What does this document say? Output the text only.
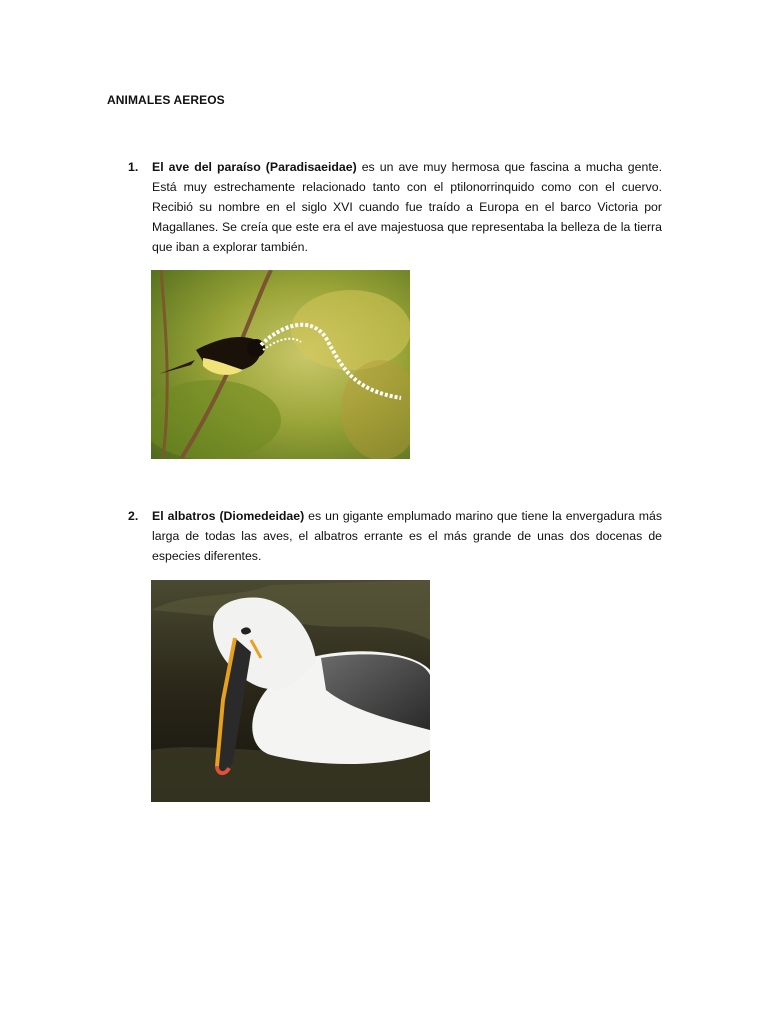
ANIMALES AEREOS
1. El ave del paraíso (Paradisaeidae) es un ave muy hermosa que fascina a mucha gente. Está muy estrechamente relacionado tanto con el ptilonorrinquido como con el cuervo. Recibió su nombre en el siglo XVI cuando fue traído a Europa en el barco Victoria por Magallanes. Se creía que este era el ave majestuosa que representaba la belleza de la tierra que iban a explorar también.
2. El albatros (Diomedeidae) es un gigante emplumado marino que tiene la envergadura más larga de todas las aves, el albatros errante es el más grande de unas dos docenas de especies diferentes.
